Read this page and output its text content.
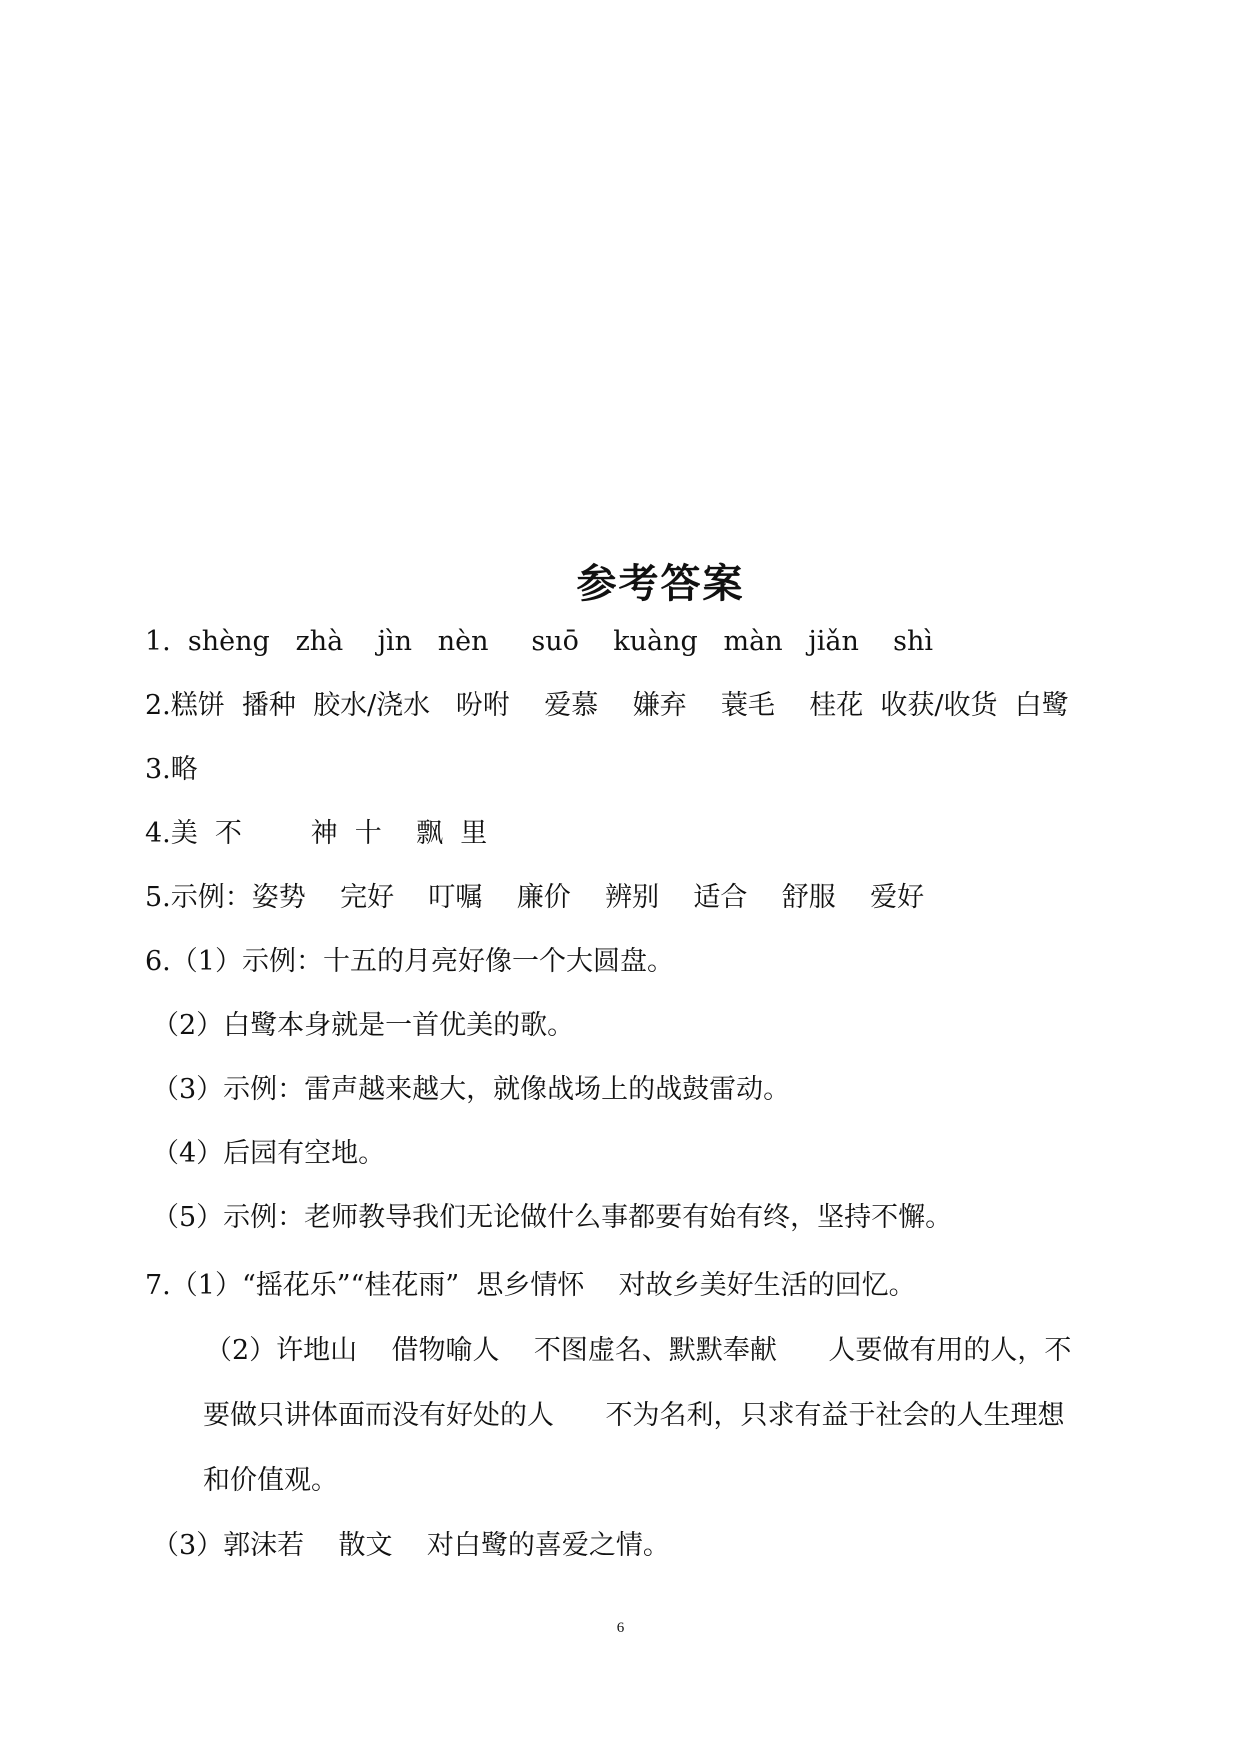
参考答案
1.  shèng   zhà    jìn   nèn     suō    kuàng   màn   jiǎn    shì
2.糕饼  播种  胶水/浇水   吩咐    爱慕    嫌弃    蓑毛    桂花  收获/收货  白鹭
3.略
4.美  不        神  十    飘  里
5.示例：姿势    完好    叮嘱    廉价    辨别    适合    舒服    爱好
6.（1）示例：十五的月亮好像一个大圆盘。
（2）白鹭本身就是一首优美的歌。
（3）示例：雷声越来越大，就像战场上的战鼓雷动。
（4）后园有空地。
（5）示例：老师教导我们无论做什么事都要有始有终，坚持不懈。
7.（1）“摇花乐”“桂花雨”  思乡情怀    对故乡美好生活的回忆。
（2）许地山    借物喻人    不图虚名、默默奉献      人要做有用的人，不
要做只讲体面而没有好处的人      不为名利，只求有益于社会的人生理想
和价值观。
（3）郭沫若    散文    对白鹭的喜爱之情。
6
